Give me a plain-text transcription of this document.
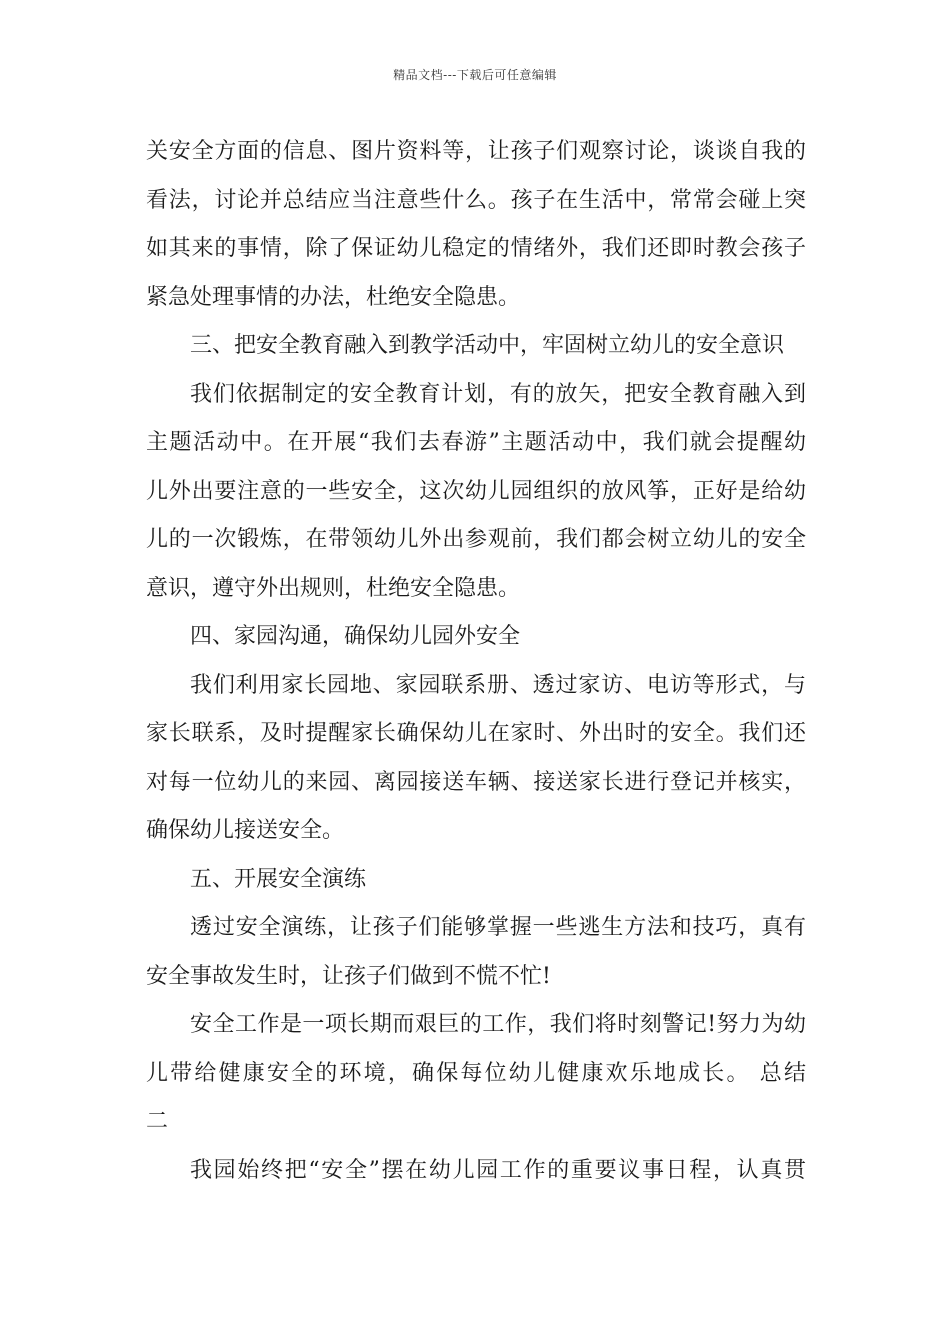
精品文档---下载后可任意编辑
关安全方面的信息、图片资料等，让孩子们观察讨论，谈谈自我的
看法，讨论并总结应当注意些什么。孩子在生活中，常常会碰上突
如其来的事情，除了保证幼儿稳定的情绪外，我们还即时教会孩子
紧急处理事情的办法，杜绝安全隐患。
三、把安全教育融入到教学活动中，牢固树立幼儿的安全意识
我们依据制定的安全教育计划，有的放矢，把安全教育融入到
主题活动中。在开展“我们去春游”主题活动中，我们就会提醒幼
儿外出要注意的一些安全，这次幼儿园组织的放风筝，正好是给幼
儿的一次锻炼，在带领幼儿外出参观前，我们都会树立幼儿的安全
意识，遵守外出规则，杜绝安全隐患。
四、家园沟通，确保幼儿园外安全
我们利用家长园地、家园联系册、透过家访、电访等形式，与
家长联系，及时提醒家长确保幼儿在家时、外出时的安全。我们还
对每一位幼儿的来园、离园接送车辆、接送家长进行登记并核实，
确保幼儿接送安全。
五、开展安全演练
透过安全演练，让孩子们能够掌握一些逃生方法和技巧，真有
安全事故发生时，让孩子们做到不慌不忙!
安全工作是一项长期而艰巨的工作，我们将时刻警记!努力为幼
儿带给健康安全的环境，确保每位幼儿健康欢乐地成长。 总结
二
我园始终把“安全”摆在幼儿园工作的重要议事日程，认真贯
